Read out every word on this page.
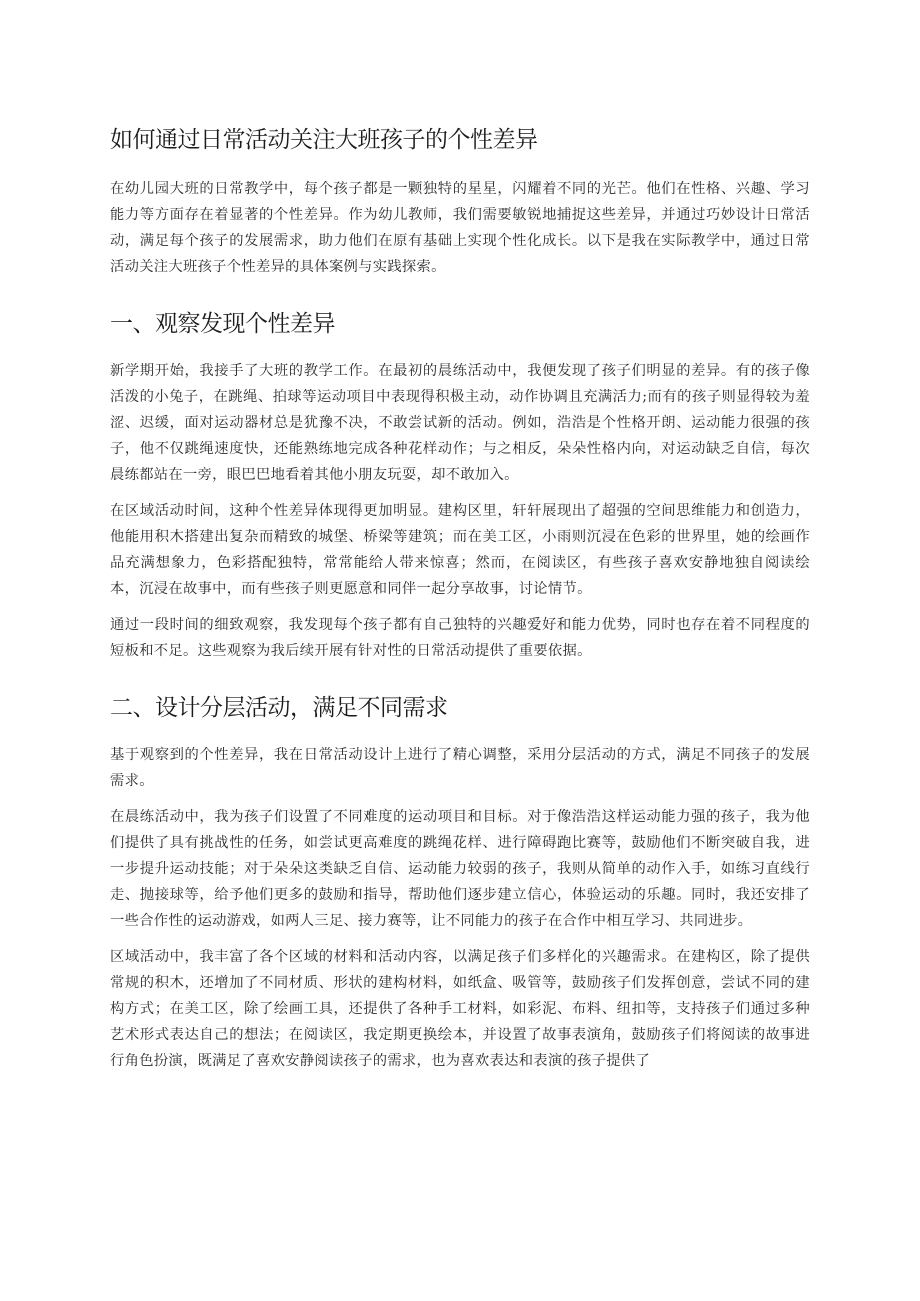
如何通过日常活动关注大班孩子的个性差异

在幼儿园大班的日常教学中，每个孩子都是一颗独特的星星，闪耀着不同的光芒。他们在性格、兴趣、学习能力等方面存在着显著的个性差异。作为幼儿教师，我们需要敏锐地捕捉这些差异，并通过巧妙设计日常活动，满足每个孩子的发展需求，助力他们在原有基础上实现个性化成长。以下是我在实际教学中，通过日常活动关注大班孩子个性差异的具体案例与实践探索。

一、观察发现个性差异

新学期开始，我接手了大班的教学工作。在最初的晨练活动中，我便发现了孩子们明显的差异。有的孩子像活泼的小兔子，在跳绳、拍球等运动项目中表现得积极主动，动作协调且充满活力;而有的孩子则显得较为羞涩、迟缓，面对运动器材总是犹豫不决，不敢尝试新的活动。例如，浩浩是个性格开朗、运动能力很强的孩子，他不仅跳绳速度快，还能熟练地完成各种花样动作；与之相反，朵朵性格内向，对运动缺乏自信，每次晨练都站在一旁，眼巴巴地看着其他小朋友玩耍，却不敢加入。

在区域活动时间，这种个性差异体现得更加明显。建构区里，轩轩展现出了超强的空间思维能力和创造力，他能用积木搭建出复杂而精致的城堡、桥梁等建筑；而在美工区，小雨则沉浸在色彩的世界里，她的绘画作品充满想象力，色彩搭配独特，常常能给人带来惊喜；然而，在阅读区，有些孩子喜欢安静地独自阅读绘本，沉浸在故事中，而有些孩子则更愿意和同伴一起分享故事，讨论情节。

通过一段时间的细致观察，我发现每个孩子都有自己独特的兴趣爱好和能力优势，同时也存在着不同程度的短板和不足。这些观察为我后续开展有针对性的日常活动提供了重要依据。

二、设计分层活动，满足不同需求

基于观察到的个性差异，我在日常活动设计上进行了精心调整，采用分层活动的方式，满足不同孩子的发展需求。

在晨练活动中，我为孩子们设置了不同难度的运动项目和目标。对于像浩浩这样运动能力强的孩子，我为他们提供了具有挑战性的任务，如尝试更高难度的跳绳花样、进行障碍跑比赛等，鼓励他们不断突破自我，进一步提升运动技能；对于朵朵这类缺乏自信、运动能力较弱的孩子，我则从简单的动作入手，如练习直线行走、抛接球等，给予他们更多的鼓励和指导，帮助他们逐步建立信心，体验运动的乐趣。同时，我还安排了一些合作性的运动游戏，如两人三足、接力赛等，让不同能力的孩子在合作中相互学习、共同进步。

区域活动中，我丰富了各个区域的材料和活动内容，以满足孩子们多样化的兴趣需求。在建构区，除了提供常规的积木，还增加了不同材质、形状的建构材料，如纸盒、吸管等，鼓励孩子们发挥创意，尝试不同的建构方式；在美工区，除了绘画工具，还提供了各种手工材料，如彩泥、布料、纽扣等，支持孩子们通过多种艺术形式表达自己的想法；在阅读区，我定期更换绘本，并设置了故事表演角，鼓励孩子们将阅读的故事进行角色扮演，既满足了喜欢安静阅读孩子的需求，也为喜欢表达和表演的孩子提供了
